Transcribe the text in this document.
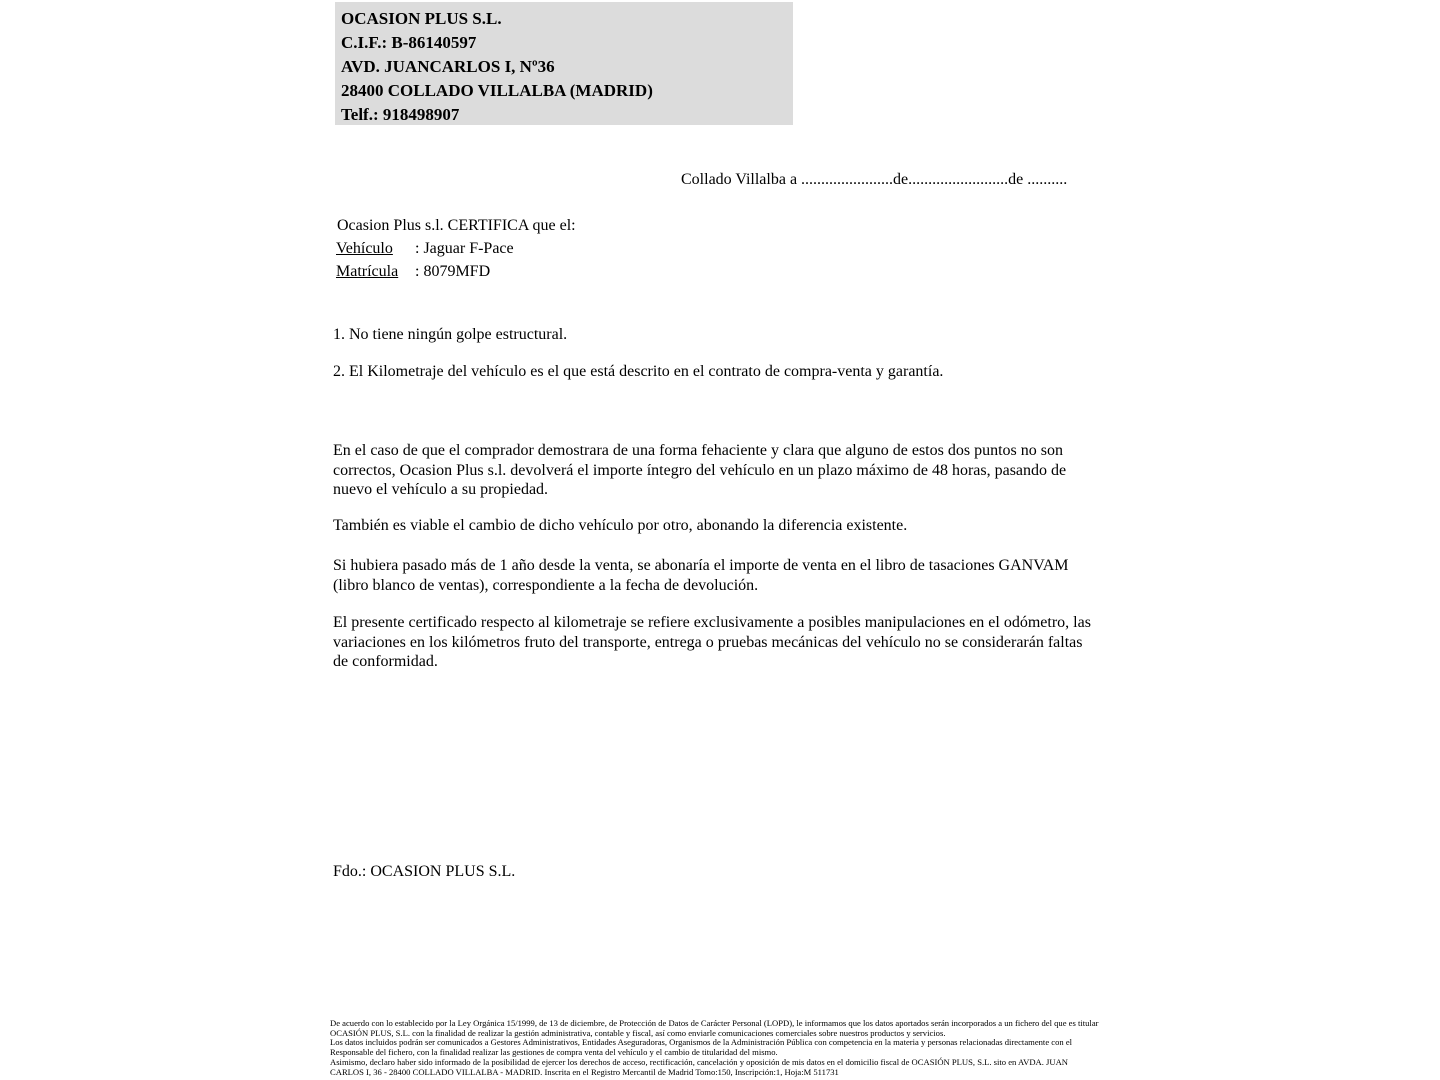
OCASION PLUS S.L.
C.I.F.: B-86140597
AVD. JUANCARLOS I, Nº36
28400 COLLADO VILLALBA (MADRID)
Telf.: 918498907
Collado Villalba a .......................de.........................de ..........
Ocasion Plus s.l. CERTIFICA que el:
Vehículo : Jaguar F-Pace
Matrícula : 8079MFD
1. No tiene ningún golpe estructural.
2. El Kilometraje del vehículo es el que está descrito en el contrato de compra-venta y garantía.
En el caso de que el comprador demostrara de una forma fehaciente y clara que alguno de estos dos puntos no son correctos, Ocasion Plus s.l. devolverá el importe íntegro del vehículo en un plazo máximo de 48 horas, pasando de nuevo el vehículo a su propiedad.
También es viable el cambio de dicho vehículo por otro, abonando la diferencia existente.
Si hubiera pasado más de 1 año desde la venta, se abonaría el importe de venta en el libro de tasaciones GANVAM (libro blanco de ventas), correspondiente a la fecha de devolución.
El presente certificado respecto al kilometraje se refiere exclusivamente a posibles manipulaciones en el odómetro, las variaciones en los kilómetros fruto del transporte, entrega o pruebas mecánicas del vehículo no se considerarán faltas de conformidad.
Fdo.: OCASION PLUS S.L.
De acuerdo con lo establecido por la Ley Orgánica 15/1999, de 13 de diciembre, de Protección de Datos de Carácter Personal (LOPD), le informamos que los datos aportados serán incorporados a un fichero del que es titular
OCASIÓN PLUS, S.L. con la finalidad de realizar la gestión administrativa, contable y fiscal, así como enviarle comunicaciones comerciales sobre nuestros productos y servicios.
Los datos incluidos podrán ser comunicados a Gestores Administrativos, Entidades Aseguradoras, Organismos de la Administración Pública con competencia en la materia y personas relacionadas directamente con el
Responsable del fichero, con la finalidad realizar las gestiones de compra venta del vehículo y el cambio de titularidad del mismo.
Asimismo, declaro haber sido informado de la posibilidad de ejercer los derechos de acceso, rectificación, cancelación y oposición de mis datos en el domicilio fiscal de OCASIÓN PLUS, S.L. sito en AVDA. JUAN
CARLOS I, 36 - 28400 COLLADO VILLALBA - MADRID. Inscrita en el Registro Mercantil de Madrid Tomo:150, Inscripción:1, Hoja:M 511731
